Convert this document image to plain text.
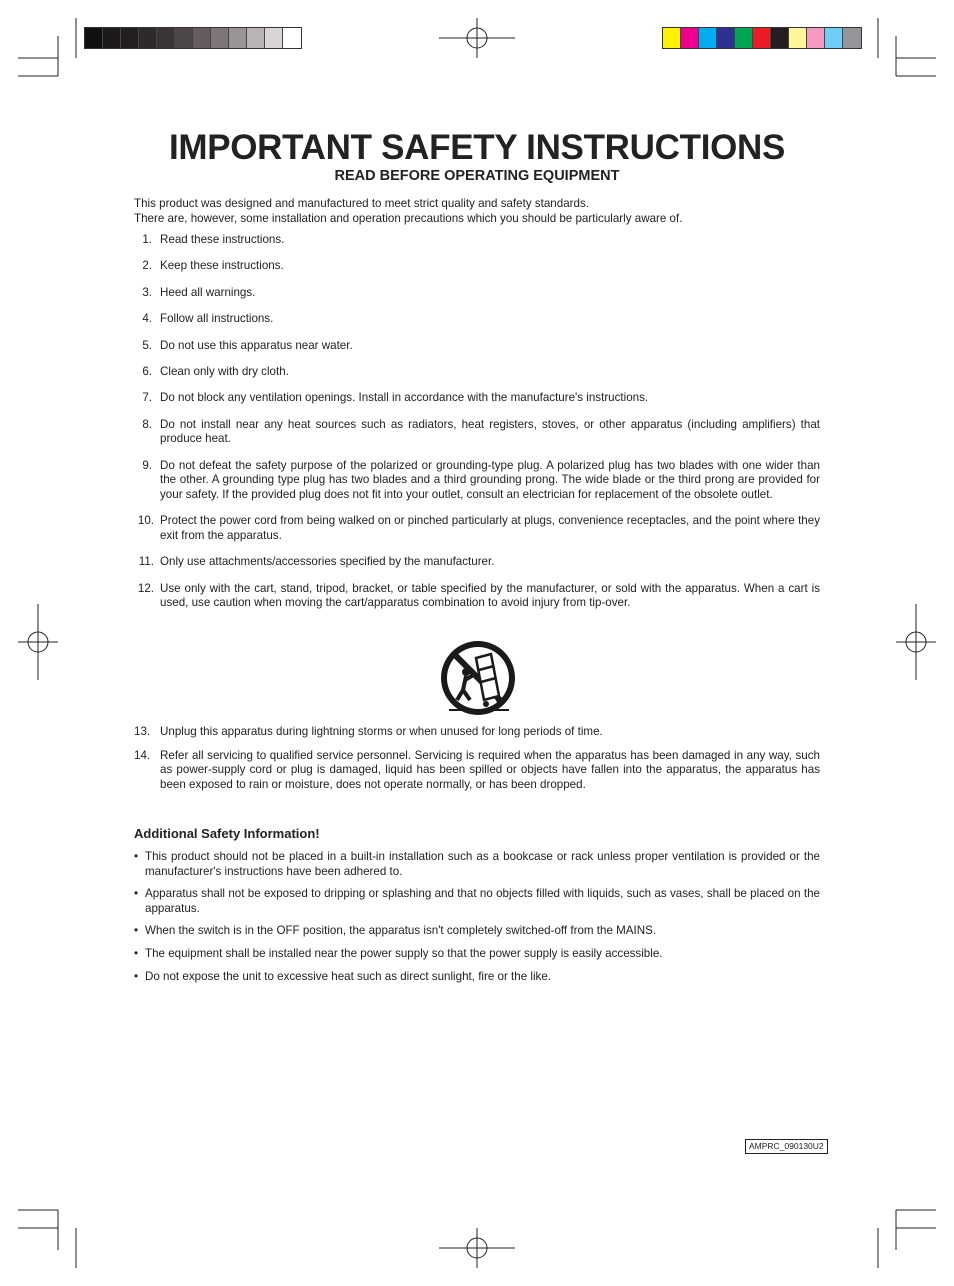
IMPORTANT SAFETY INSTRUCTIONS
READ BEFORE OPERATING EQUIPMENT
This product was designed and manufactured to meet strict quality and safety standards.
There are, however, some installation and operation precautions which you should be particularly aware of.
1. Read these instructions.
2. Keep these instructions.
3. Heed all warnings.
4. Follow all instructions.
5. Do not use this apparatus near water.
6. Clean only with dry cloth.
7. Do not block any ventilation openings. Install in accordance with the manufacture's instructions.
8. Do not install near any heat sources such as radiators, heat registers, stoves, or other apparatus (including amplifiers) that produce heat.
9. Do not defeat the safety purpose of the polarized or grounding-type plug. A polarized plug has two blades with one wider than the other. A grounding type plug has two blades and a third grounding prong. The wide blade or the third prong are provided for your safety. If the provided plug does not fit into your outlet, consult an electrician for replacement of the obsolete outlet.
10. Protect the power cord from being walked on or pinched particularly at plugs, convenience receptacles, and the point where they exit from the apparatus.
11. Only use attachments/accessories specified by the manufacturer.
12. Use only with the cart, stand, tripod, bracket, or table specified by the manufacturer, or sold with the apparatus. When a cart is used, use caution when moving the cart/apparatus combination to avoid injury from tip-over.
13. Unplug this apparatus during lightning storms or when unused for long periods of time.
14. Refer all servicing to qualified service personnel. Servicing is required when the apparatus has been damaged in any way, such as power-supply cord or plug is damaged, liquid has been spilled or objects have fallen into the apparatus, the apparatus has been exposed to rain or moisture, does not operate normally, or has been dropped.
Additional Safety Information!
• This product should not be placed in a built-in installation such as a bookcase or rack unless proper ventilation is provided or the manufacturer's instructions have been adhered to.
• Apparatus shall not be exposed to dripping or splashing and that no objects filled with liquids, such as vases, shall be placed on the apparatus.
• When the switch is in the OFF position, the apparatus isn't completely switched-off from the MAINS.
• The equipment shall be installed near the power supply so that the power supply is easily accessible.
• Do not expose the unit to excessive heat such as direct sunlight, fire or the like.
AMPRC_090130U2
